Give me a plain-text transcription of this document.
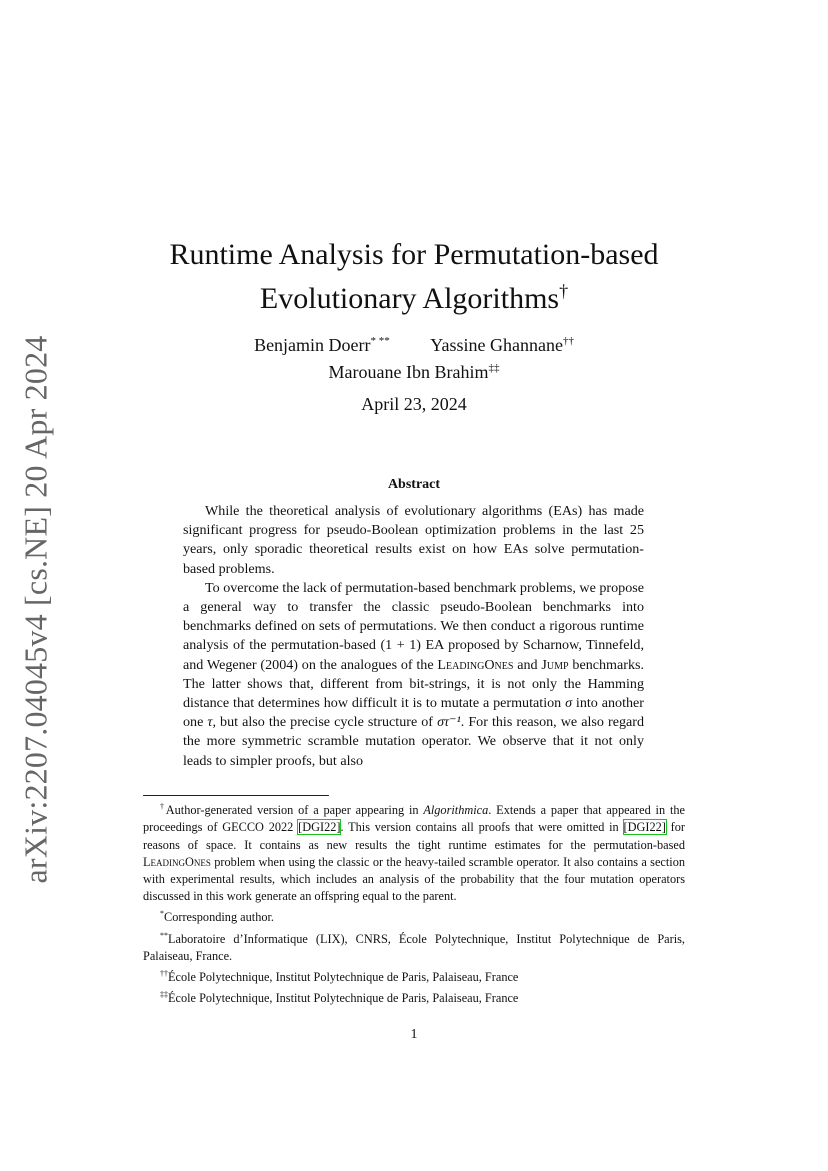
arXiv:2207.04045v4 [cs.NE] 20 Apr 2024
Runtime Analysis for Permutation-based
Evolutionary Algorithms†
Benjamin Doerr* ** Yassine Ghannane††
Marouane Ibn Brahim‡‡
April 23, 2024
Abstract

While the theoretical analysis of evolutionary algorithms (EAs) has made significant progress for pseudo-Boolean optimization problems in the last 25 years, only sporadic theoretical results exist on how EAs solve permutation-based problems.

To overcome the lack of permutation-based benchmark problems, we propose a general way to transfer the classic pseudo-Boolean benchmarks into benchmarks defined on sets of permutations. We then conduct a rigorous runtime analysis of the permutation-based (1 + 1) EA proposed by Scharnow, Tinnefeld, and Wegener (2004) on the analogues of the LeadingOnes and Jump benchmarks. The latter shows that, different from bit-strings, it is not only the Hamming distance that determines how difficult it is to mutate a permutation σ into another one τ, but also the precise cycle structure of στ⁻¹. For this reason, we also regard the more symmetric scramble mutation operator. We observe that it not only leads to simpler proofs, but also

†Author-generated version of a paper appearing in Algorithmica. Extends a paper that appeared in the proceedings of GECCO 2022 [DGI22]. This version contains all proofs that were omitted in [DGI22] for reasons of space. It contains as new results the tight runtime estimates for the permutation-based LeadingOnes problem when using the classic or the heavy-tailed scramble operator. It also contains a section with experimental results, which includes an analysis of the probability that the four mutation operators discussed in this work generate an offspring equal to the parent.

*Corresponding author.

**Laboratoire d’Informatique (LIX), CNRS, École Polytechnique, Institut Polytechnique de Paris, Palaiseau, France.

††École Polytechnique, Institut Polytechnique de Paris, Palaiseau, France

‡‡École Polytechnique, Institut Polytechnique de Paris, Palaiseau, France

1
